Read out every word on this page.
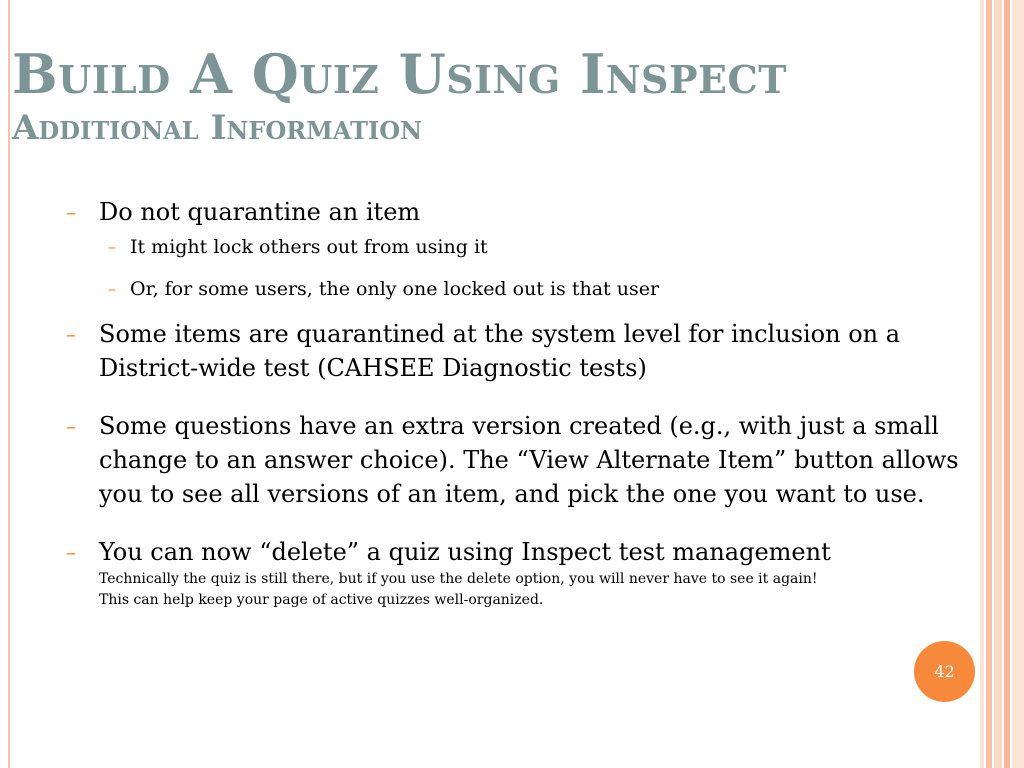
Build A Quiz Using Inspect
Additional Information
– Do not quarantine an item
– It might lock others out from using it
– Or, for some users, the only one locked out is that user
– Some items are quarantined at the system level for inclusion on a District-wide test (CAHSEE Diagnostic tests)
– Some questions have an extra version created (e.g., with just a small change to an answer choice). The “View Alternate Item” button allows you to see all versions of an item, and pick the one you want to use.
– You can now “delete” a quiz using Inspect test management
Technically the quiz is still there, but if you use the delete option, you will never have to see it again!
This can help keep your page of active quizzes well-organized.
42
